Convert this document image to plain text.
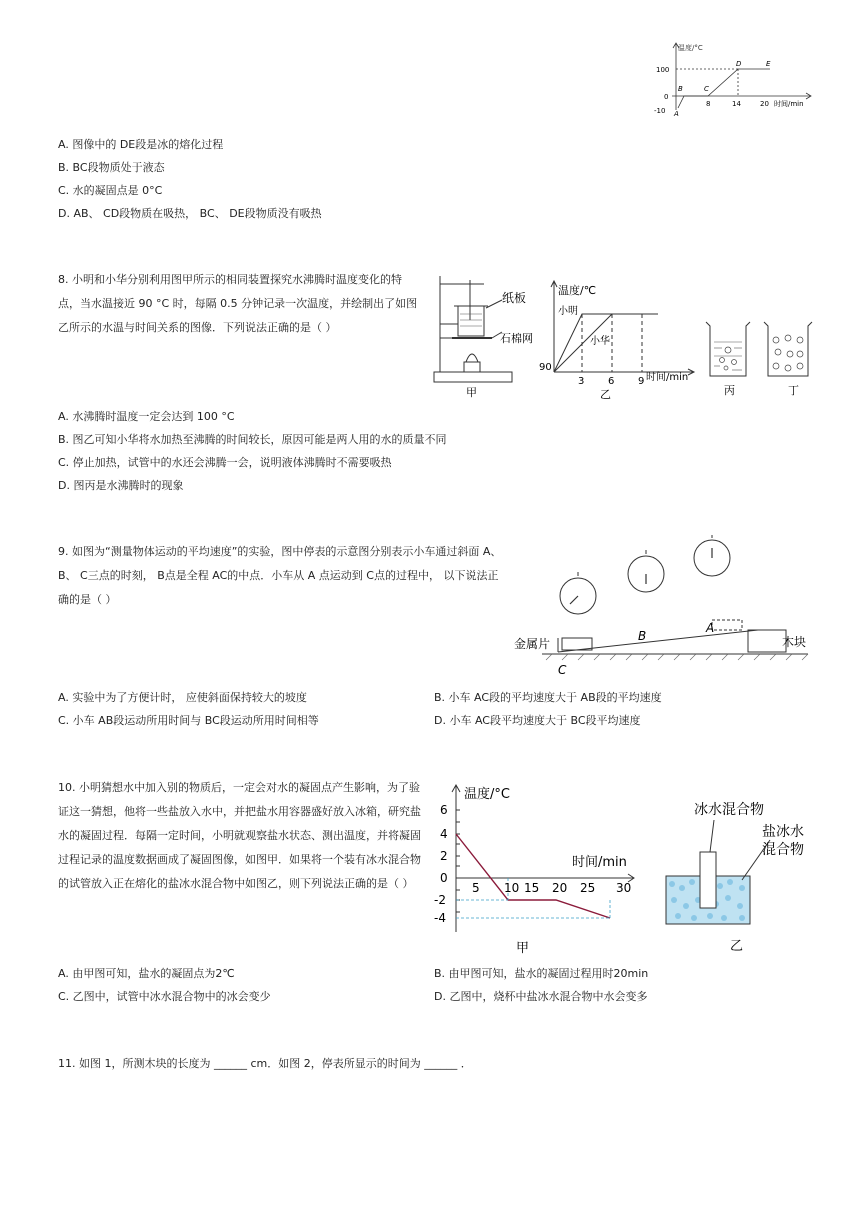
温度/°C
100
0
-10
8	14	20 时间/min
A
B	C
D	E
A. 图像中的 DE段是冰的熔化过程
B. BC段物质处于液态
C. 水的凝固点是 0°C
D. AB、 CD段物质在吸热， BC、 DE段物质没有吸热
8. 小明和小华分别利用图甲所示的相同装置探究水沸腾时温度变化的特点，当水温接近 90 °C 时，每隔 0.5 分钟记录一次温度，并绘制出了如图乙所示的水温与时间关系的图像．下列说法正确的是（ ）
纸板
石棉网
甲
温度/℃
小明
小华
90
3 6 9 时间/min
乙	丙	丁
A. 水沸腾时温度一定会达到 100 °C
B. 图乙可知小华将水加热至沸腾的时间较长，原因可能是两人用的水的质量不同
C. 停止加热，试管中的水还会沸腾一会，说明液体沸腾时不需要吸热
D. 图丙是水沸腾时的现象
9. 如图为“测量物体运动的平均速度”的实验，图中停表的示意图分别表示小车通过斜面 A、 B、 C三点的时刻， B点是全程 AC的中点．小车从 A 点运动到 C点的过程中， 以下说法正确的是（ ）
金属片	木块
B
A
C
A. 实验中为了方便计时， 应使斜面保持较大的坡度	B. 小车 AC段的平均速度大于 AB段的平均速度
C. 小车 AB段运动所用时间与 BC段运动所用时间相等	D. 小车 AC段平均速度大于 BC段平均速度
10. 小明猜想水中加入别的物质后，一定会对水的凝固点产生影响，为了验证这一猜想，他将一些盐放入水中，并把盐水用容器盛好放入冰箱，研究盐水的凝固过程．每隔一定时间，小明就观察盐水状态、测出温度，并将凝固过程记录的温度数据画成了凝固图像，如图甲．如果将一个装有冰水混合物的试管放入正在熔化的盐冰水混合物中如图乙，则下列说法正确的是（ ）
温度/°C
6
4
2
0
-2
-4
5 10 15 20 25 30
时间/min
甲
冰水混合物
盐冰水
混合物
乙
A. 由甲图可知，盐水的凝固点为2℃	B. 由甲图可知，盐水的凝固过程用时20min
C. 乙图中，试管中冰水混合物中的冰会变少	D. 乙图中，烧杯中盐冰水混合物中水会变多
11. 如图 1，所测木块的长度为 ______ cm．如图 2，停表所显示的时间为 ______ ．
